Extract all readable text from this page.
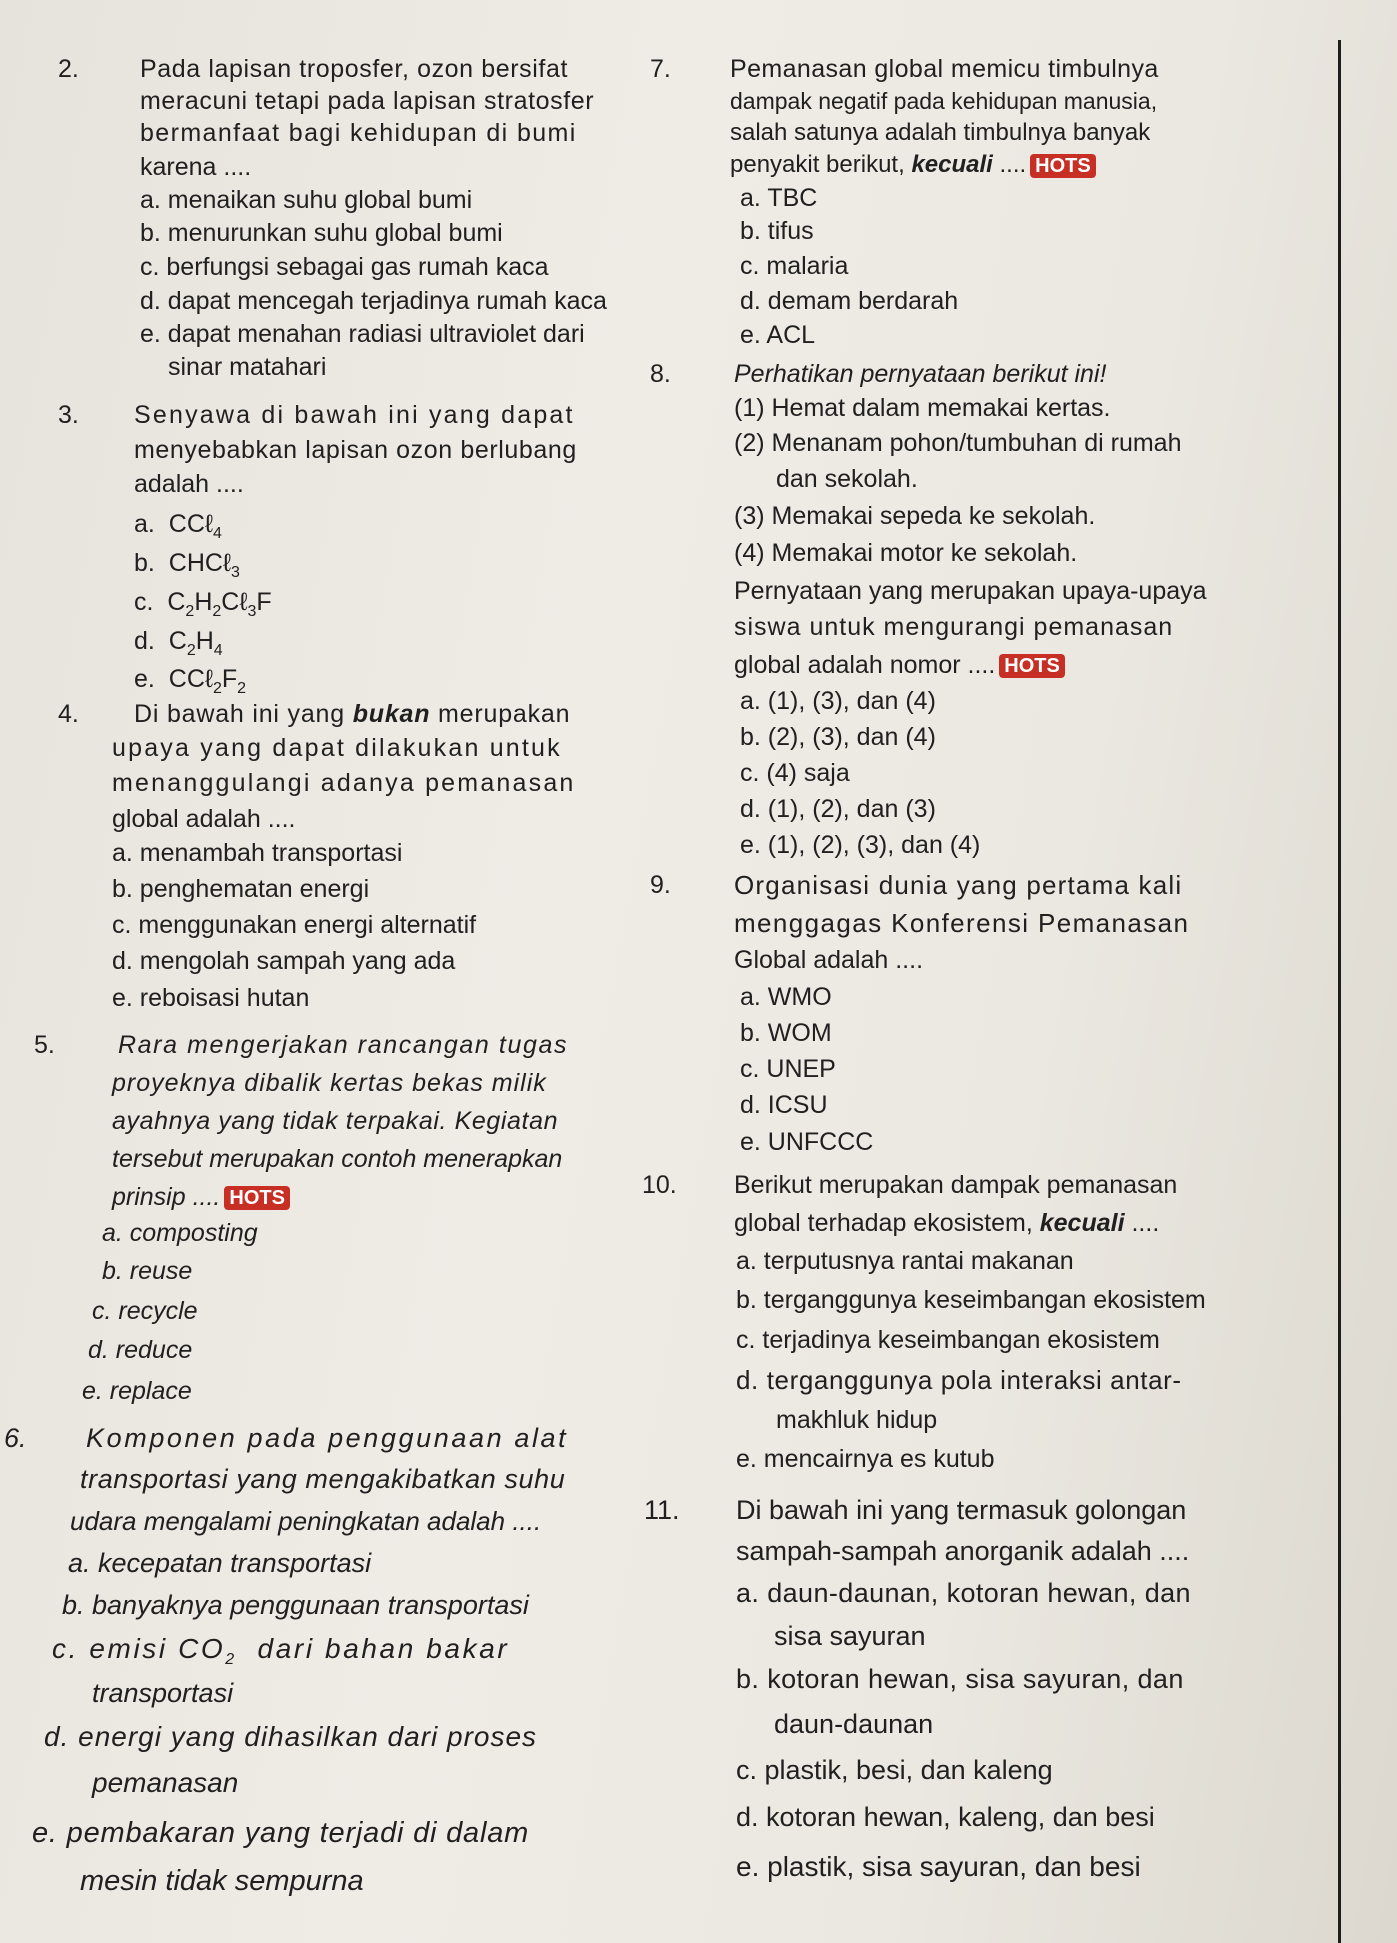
2. Pada lapisan troposfer, ozon bersifat
meracuni tetapi pada lapisan stratosfer
bermanfaat bagi kehidupan di bumi
karena ....
a. menaikan suhu global bumi
b. menurunkan suhu global bumi
c. berfungsi sebagai gas rumah kaca
d. dapat mencegah terjadinya rumah kaca
e. dapat menahan radiasi ultraviolet dari
sinar matahari
3. Senyawa di bawah ini yang dapat
menyebabkan lapisan ozon berlubang
adalah ....
a. CCℓ$_4$
b. CHCℓ$_3$
c. $C_2H_2C\ell_3F$
d. $C_2H_4$
e. $CC\ell_2F_2$
4. Di bawah ini yang bukan merupakan
upaya yang dapat dilakukan untuk
menanggulangi adanya pemanasan
global adalah ....
a. menambah transportasi
b. penghematan energi
c. menggunakan energi alternatif
d. mengolah sampah yang ada
e. reboisasi hutan
5.	Rara mengerjakan rancangan tugas
proyeknya dibalik kertas bekas milik
ayahnya yang tidak terpakai. Kegiatan
tersebut merupakan contoh menerapkan
prinsip .... HOTS
a. composting
b. reuse
c. recycle
d. reduce
e. replace
6. Komponen pada penggunaan alat
transportasi yang mengakibatkan suhu
udara mengalami peningkatan adalah ....
a. kecepatan transportasi
b. banyaknya penggunaan transportasi
c. emisi $CO_2$ dari bahan bakar
transportasi
d. energi yang dihasilkan dari proses
pemanasan
e. pembakaran yang terjadi di dalam
mesin tidak sempurna
7. Pemanasan global memicu timbulnya
dampak negatif pada kehidupan manusia,
salah satunya adalah timbulnya banyak
penyakit berikut, kecuali .... HOTS
a. TBC
b. tifus
c. malaria
d. demam berdarah
e. ACL
8.	Perhatikan pernyataan berikut ini!
(1) Hemat dalam memakai kertas.
(2) Menanam pohon/tumbuhan di rumah
dan sekolah.
(3) Memakai sepeda ke sekolah.
(4) Memakai motor ke sekolah.
Pernyataan yang merupakan upaya-upaya
siswa untuk mengurangi pemanasan
global adalah nomor .... HOTS
a. (1), (3), dan (4)
b. (2), (3), dan (4)
c. (4) saja
d. (1), (2), dan (3)
e. (1), (2), (3), dan (4)
9. Organisasi dunia yang pertama kali
menggagas Konferensi Pemanasan
Global adalah ....
a. WMO
b. WOM
c. UNEP
d. ICSU
e. UNFCCC
10. Berikut merupakan dampak pemanasan
global terhadap ekosistem, kecuali ....
a. terputusnya rantai makanan
b. terganggunya keseimbangan ekosistem
c. terjadinya keseimbangan ekosistem
d. terganggunya pola interaksi antar-
makhluk hidup
e. mencairnya es kutub
11. Di bawah ini yang termasuk golongan
sampah-sampah anorganik adalah ....
a. daun-daunan, kotoran hewan, dan
sisa sayuran
b. kotoran hewan, sisa sayuran, dan
daun-daunan
c. plastik, besi, dan kaleng
d. kotoran hewan, kaleng, dan besi
e. plastik, sisa sayuran, dan besi
